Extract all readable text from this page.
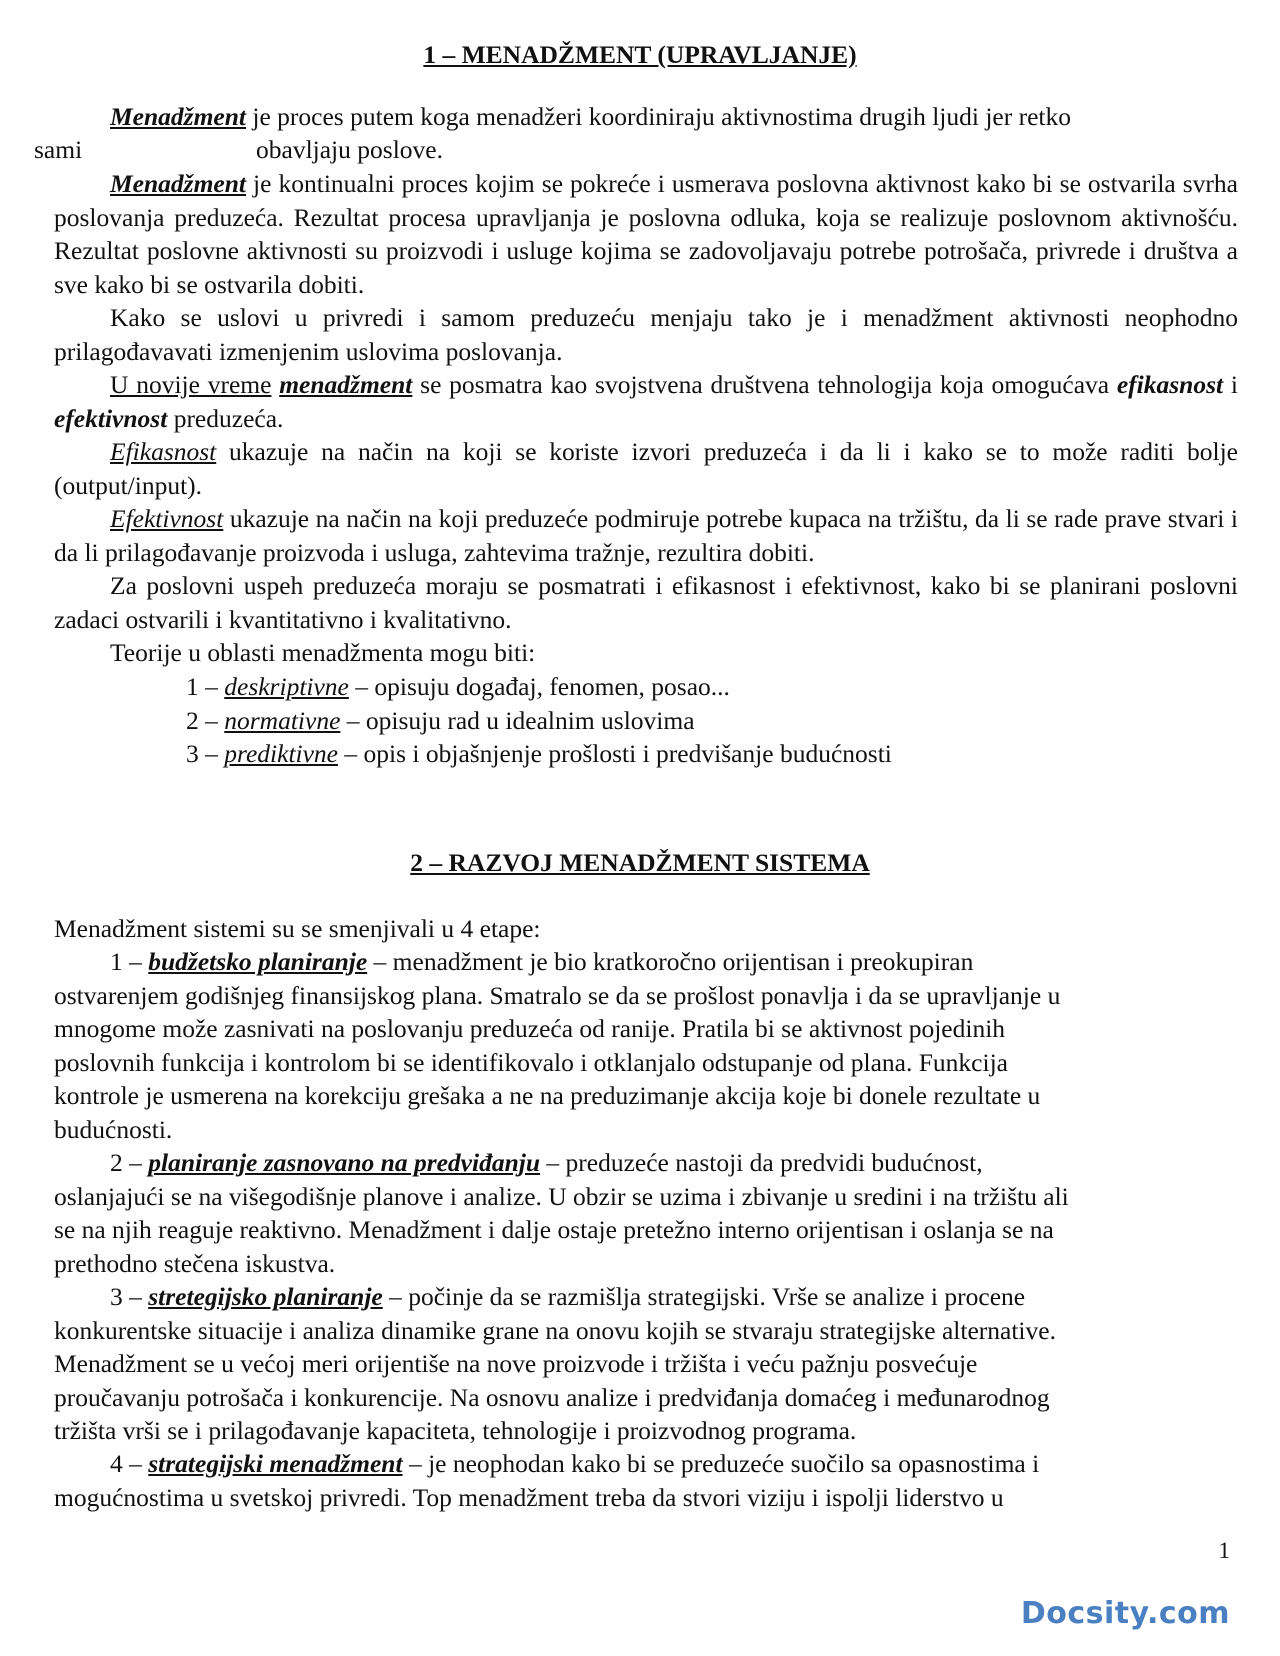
1 – MENADŽMENT (UPRAVLJANJE)
Menadžment je proces putem koga menadžeri koordiniraju aktivnostima drugih ljudi jer retko
sami	obavljaju poslove.
Menadžment je kontinualni proces kojim se pokreće i usmerava poslovna aktivnost kako bi se ostvarila svrha poslovanja preduzeća. Rezultat procesa upravljanja je poslovna odluka, koja se realizuje poslovnom aktivnošću. Rezultat poslovne aktivnosti su proizvodi i usluge kojima se zadovoljavaju potrebe potrošača, privrede i društva a sve kako bi se ostvarila dobiti.
Kako se uslovi u privredi i samom preduzeću menjaju tako je i menadžment aktivnosti neophodno prilagođavavati izmenjenim uslovima poslovanja.
U novije vreme menadžment se posmatra kao svojstvena društvena tehnologija koja omogućava efikasnost i efektivnost preduzeća.
Efikasnost ukazuje na način na koji se koriste izvori preduzeća i da li i kako se to može raditi bolje (output/input).
Efektivnost ukazuje na način na koji preduzeće podmiruje potrebe kupaca na tržištu, da li se rade prave stvari i da li prilagođavanje proizvoda i usluga, zahtevima tražnje, rezultira dobiti.
Za poslovni uspeh preduzeća moraju se posmatrati i efikasnost i efektivnost, kako bi se planirani poslovni zadaci ostvarili i kvantitativno i kvalitativno.
Teorije u oblasti menadžmenta mogu biti:
1 – deskriptivne – opisuju događaj, fenomen, posao...
2 – normativne – opisuju rad u idealnim uslovima
3 – prediktivne – opis i objašnjenje prošlosti i predvišanje budućnosti
2 – RAZVOJ MENADŽMENT SISTEMA
Menadžment sistemi su se smenjivali u 4 etape:
1 – budžetsko planiranje – menadžment je bio kratkoročno orijentisan i preokupiran
ostvarenjem godišnjeg finansijskog plana. Smatralo se da se prošlost ponavlja i da se upravljanje u
mnogome može zasnivati na poslovanju preduzeća od ranije. Pratila bi se aktivnost pojedinih
poslovnih funkcija i kontrolom bi se identifikovalo i otklanjalo odstupanje od plana. Funkcija
kontrole je usmerena na korekciju grešaka a ne na preduzimanje akcija koje bi donele rezultate u
budućnosti.
2 – planiranje zasnovano na predviđanju – preduzeće nastoji da predvidi budućnost,
oslanjajući se na višegodišnje planove i analize. U obzir se uzima i zbivanje u sredini i na tržištu ali
se na njih reaguje reaktivno. Menadžment i dalje ostaje pretežno interno orijentisan i oslanja se na
prethodno stečena iskustva.
3 – stretegijsko planiranje – počinje da se razmišlja strategijski. Vrše se analize i procene
konkurentske situacije i analiza dinamike grane na onovu kojih se stvaraju strategijske alternative.
Menadžment se u većoj meri orijentiše na nove proizvode i tržišta i veću pažnju posvećuje
proučavanju potrošača i konkurencije. Na osnovu analize i predviđanja domaćeg i međunarodnog
tržišta vrši se i prilagođavanje kapaciteta, tehnologije i proizvodnog programa.
4 – strategijski menadžment – je neophodan kako bi se preduzeće suočilo sa opasnostima i
mogućnostima u svetskoj privredi. Top menadžment treba da stvori viziju i ispolji liderstvo u
1
Docsity.com
